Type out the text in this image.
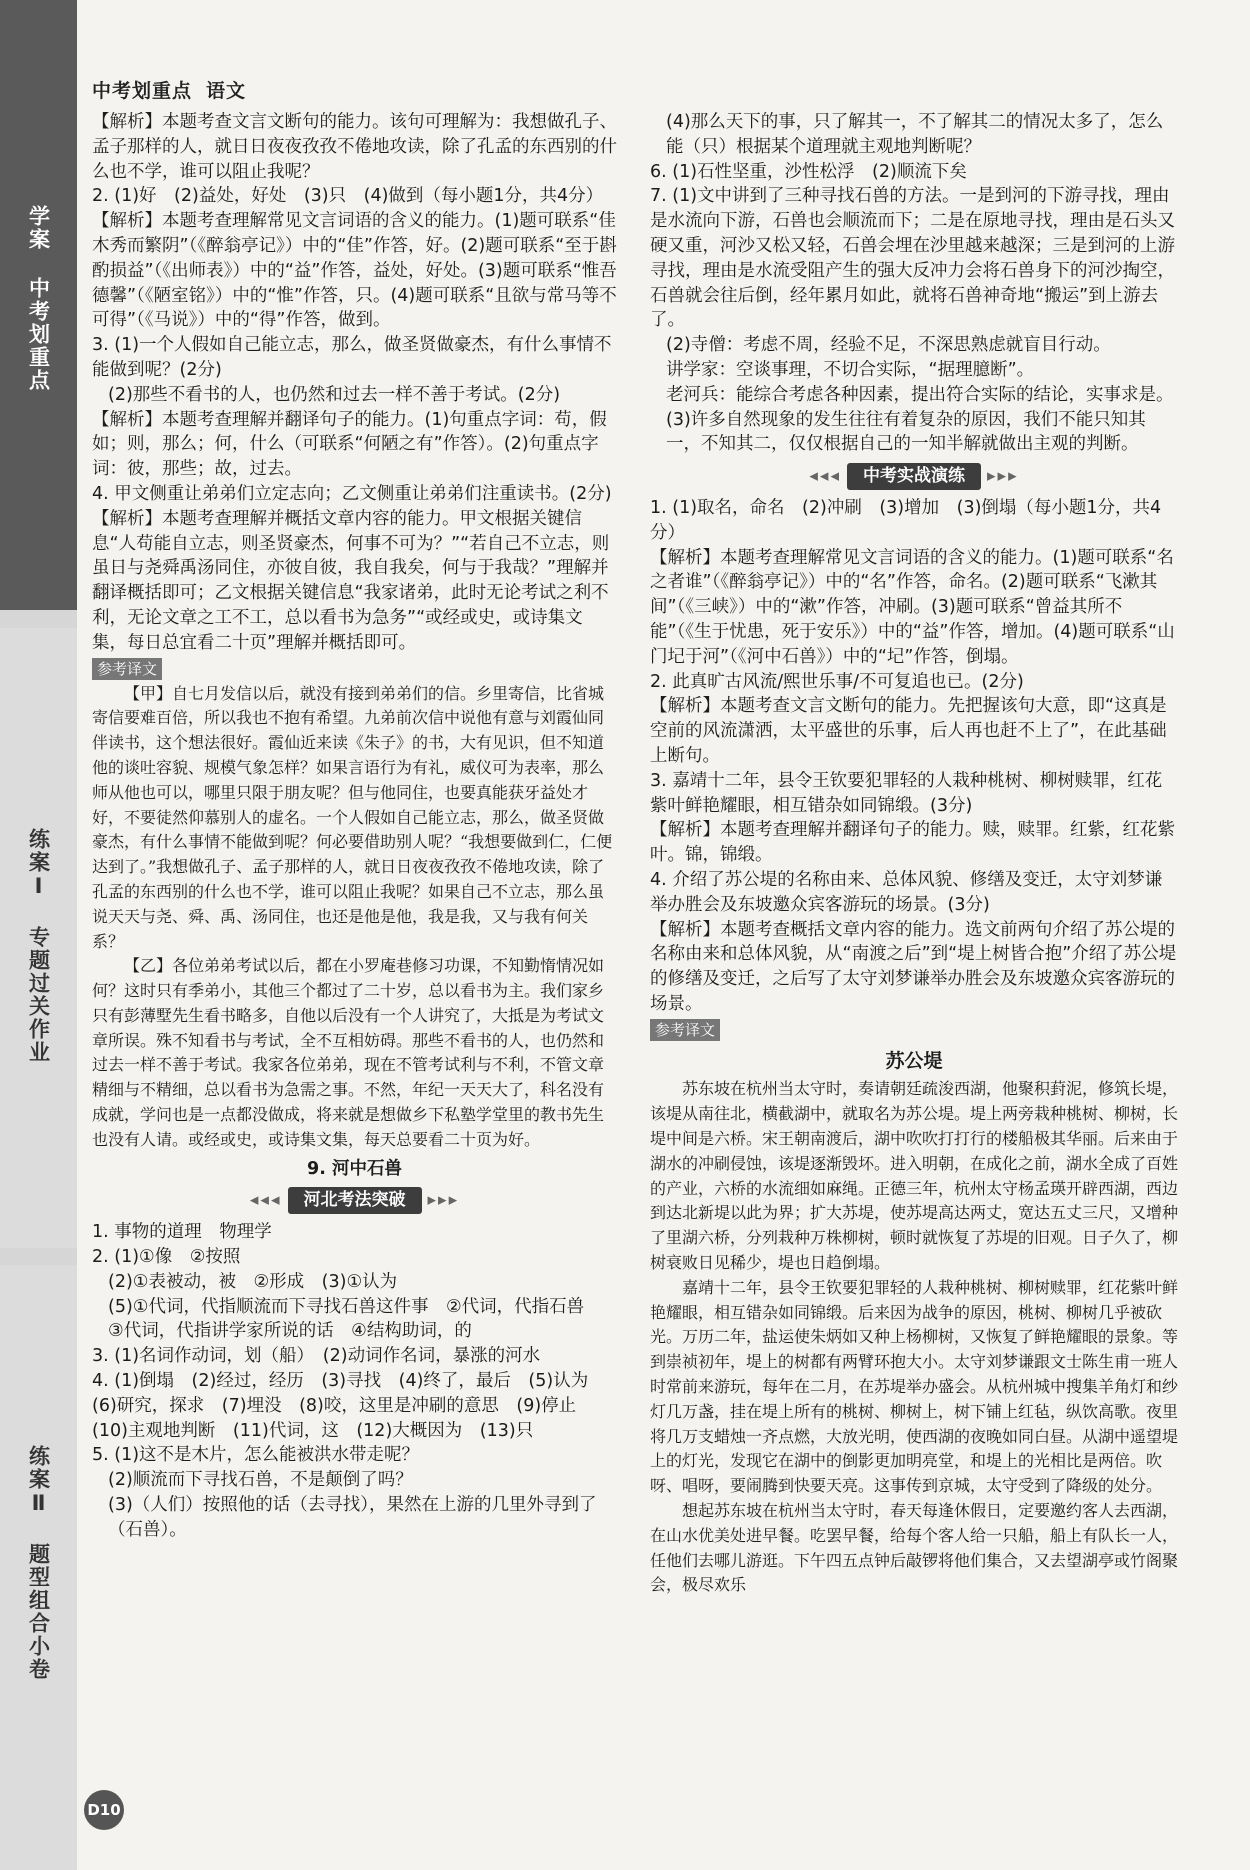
学案 中考划重点
练案Ⅰ 专题过关作业
练案Ⅱ 题型组合小卷
中考划重点 语文

【解析】本题考查文言文断句的能力。该句可理解为：我想做孔子、孟子那样的人，就日日夜夜孜孜不倦地攻读，除了孔孟的东西别的什么也不学，谁可以阻止我呢？

2. (1)好　(2)益处，好处　(3)只　(4)做到（每小题1分，共4分）

【解析】本题考查理解常见文言词语的含义的能力。(1)题可联系“佳木秀而繁阴”（《醉翁亭记》）中的“佳”作答，好。(2)题可联系“至于斟酌损益”（《出师表》）中的“益”作答，益处，好处。(3)题可联系“惟吾德馨”（《陋室铭》）中的“惟”作答，只。(4)题可联系“且欲与常马等不可得”（《马说》）中的“得”作答，做到。

3. (1)一个人假如自己能立志，那么，做圣贤做豪杰，有什么事情不能做到呢？(2分)

(2)那些不看书的人，也仍然和过去一样不善于考试。(2分)

【解析】本题考查理解并翻译句子的能力。(1)句重点字词：苟，假如；则，那么；何，什么（可联系“何陋之有”作答）。(2)句重点字词：彼，那些；故，过去。

4. 甲文侧重让弟弟们立定志向；乙文侧重让弟弟们注重读书。(2分)

【解析】本题考查理解并概括文章内容的能力。甲文根据关键信息“人苟能自立志，则圣贤豪杰，何事不可为？”“若自己不立志，则虽日与尧舜禹汤同住，亦彼自彼，我自我矣，何与于我哉？”理解并翻译概括即可；乙文根据关键信息“我家诸弟，此时无论考试之利不利，无论文章之工不工，总以看书为急务”“或经或史，或诗集文集，每日总宜看二十页”理解并概括即可。

参考译文

【甲】自七月发信以后，就没有接到弟弟们的信。乡里寄信，比省城寄信要难百倍，所以我也不抱有希望。九弟前次信中说他有意与刘霞仙同伴读书，这个想法很好。霞仙近来读《朱子》的书，大有见识，但不知道他的谈吐容貌、规模气象怎样？如果言语行为有礼，威仪可为表率，那么师从他也可以，哪里只限于朋友呢？但与他同住，也要真能获牙益处才好，不要徒然仰慕别人的虚名。一个人假如自己能立志，那么，做圣贤做豪杰，有什么事情不能做到呢？何必要借助别人呢？“我想要做到仁，仁便达到了。”我想做孔子、孟子那样的人，就日日夜夜孜孜不倦地攻读，除了孔孟的东西别的什么也不学，谁可以阻止我呢？如果自己不立志，那么虽说天天与尧、舜、禹、汤同住，也还是他是他，我是我，又与我有何关系？

【乙】各位弟弟考试以后，都在小罗庵巷修习功课，不知勤惰情况如何？这时只有季弟小，其他三个都过了二十岁，总以看书为主。我们家乡只有彭薄墅先生看书略多，自他以后没有一个人讲究了，大抵是为考试文章所误。殊不知看书与考试，全不互相妨碍。那些不看书的人，也仍然和过去一样不善于考试。我家各位弟弟，现在不管考试利与不利，不管文章精细与不精细，总以看书为急需之事。不然，年纪一天天大了，科名没有成就，学问也是一点都没做成，将来就是想做乡下私塾学堂里的教书先生也没有人请。或经或史，或诗集文集，每天总要看二十页为好。

9. 河中石兽
◂◂◂	河北考法突破	▸▸▸

1. 事物的道理　物理学

2. (1)①像　②按照

(2)①表被动，被　②形成　(3)①认为

(5)①代词，代指顺流而下寻找石兽这件事　②代词，代指石兽　③代词，代指讲学家所说的话　④结构助词，的

3. (1)名词作动词，划（船）　(2)动词作名词，暴涨的河水

4. (1)倒塌　(2)经过，经历　(3)寻找　(4)终了，最后　(5)认为　(6)研究，探求　(7)埋没　(8)咬，这里是冲刷的意思　(9)停止　(10)主观地判断　(11)代词，这　(12)大概因为　(13)只

5. (1)这不是木片，怎么能被洪水带走呢？

(2)顺流而下寻找石兽，不是颠倒了吗？

(3)（人们）按照他的话（去寻找），果然在上游的几里外寻到了（石兽）。

(4)那么天下的事，只了解其一，不了解其二的情况太多了，怎么能（只）根据某个道理就主观地判断呢？

6. (1)石性坚重，沙性松浮　(2)顺流下矣

7. (1)文中讲到了三种寻找石兽的方法。一是到河的下游寻找，理由是水流向下游，石兽也会顺流而下；二是在原地寻找，理由是石头又硬又重，河沙又松又轻，石兽会埋在沙里越来越深；三是到河的上游寻找，理由是水流受阻产生的强大反冲力会将石兽身下的河沙掏空，石兽就会往后倒，经年累月如此，就将石兽神奇地“搬运”到上游去了。

(2)寺僧：考虑不周，经验不足，不深思熟虑就盲目行动。

讲学家：空谈事理，不切合实际，“据理臆断”。

老河兵：能综合考虑各种因素，提出符合实际的结论，实事求是。

(3)许多自然现象的发生往往有着复杂的原因，我们不能只知其一，不知其二，仅仅根据自己的一知半解就做出主观的判断。

◂◂◂	中考实战演练	▸▸▸

1. (1)取名，命名　(2)冲刷　(3)增加　(3)倒塌（每小题1分，共4分）

【解析】本题考查理解常见文言词语的含义的能力。(1)题可联系“名之者谁”（《醉翁亭记》）中的“名”作答，命名。(2)题可联系“飞漱其间”（《三峡》）中的“漱”作答，冲刷。(3)题可联系“曾益其所不能”（《生于忧患，死于安乐》）中的“益”作答，增加。(4)题可联系“山门圮于河”（《河中石兽》）中的“圮”作答，倒塌。

2. 此真旷古风流/熙世乐事/不可复追也已。(2分)

【解析】本题考查文言文断句的能力。先把握该句大意，即“这真是空前的风流潇洒，太平盛世的乐事，后人再也赶不上了”，在此基础上断句。

3. 嘉靖十二年，县令王钦要犯罪轻的人栽种桃树、柳树赎罪，红花紫叶鲜艳耀眼，相互错杂如同锦缎。(3分)

【解析】本题考查理解并翻译句子的能力。赎，赎罪。红紫，红花紫叶。锦，锦缎。

4. 介绍了苏公堤的名称由来、总体风貌、修缮及变迁，太守刘梦谦举办胜会及东坡邀众宾客游玩的场景。(3分)

【解析】本题考查概括文章内容的能力。选文前两句介绍了苏公堤的名称由来和总体风貌，从“南渡之后”到“堤上树皆合抱”介绍了苏公堤的修缮及变迁，之后写了太守刘梦谦举办胜会及东坡邀众宾客游玩的场景。

参考译文
苏公堤

苏东坡在杭州当太守时，奏请朝廷疏浚西湖，他聚积葑泥，修筑长堤，该堤从南往北，横截湖中，就取名为苏公堤。堤上两旁栽种桃树、柳树，长堤中间是六桥。宋王朝南渡后，湖中吹吹打打行的楼船极其华丽。后来由于湖水的冲刷侵蚀，该堤逐渐毁坏。进入明朝，在成化之前，湖水全成了百姓的产业，六桥的水流细如麻绳。正德三年，杭州太守杨孟瑛开辟西湖，西边到达北新堤以此为界；扩大苏堤，使苏堤高达两丈，宽达五丈三尺，又增种了里湖六桥，分列栽种万株柳树，顿时就恢复了苏堤的旧观。日子久了，柳树衰败日见稀少，堤也日趋倒塌。

嘉靖十二年，县令王钦要犯罪轻的人栽种桃树、柳树赎罪，红花紫叶鲜艳耀眼，相互错杂如同锦缎。后来因为战争的原因，桃树、柳树几乎被砍光。万历二年，盐运使朱炳如又种上杨柳树，又恢复了鲜艳耀眼的景象。等到崇祯初年，堤上的树都有两臂环抱大小。太守刘梦谦跟文士陈生甫一班人时常前来游玩，每年在二月，在苏堤举办盛会。从杭州城中搜集羊角灯和纱灯几万盏，挂在堤上所有的桃树、柳树上，树下铺上红毡，纵饮高歌。夜里将几万支蜡烛一齐点燃，大放光明，使西湖的夜晚如同白昼。从湖中遥望堤上的灯光，发现它在湖中的倒影更加明亮堂，和堤上的光相比是两倍。吹呀、唱呀，要闹腾到快要天亮。这事传到京城，太守受到了降级的处分。

想起苏东坡在杭州当太守时，春天每逢休假日，定要邀约客人去西湖，在山水优美处进早餐。吃罢早餐，给每个客人给一只船，船上有队长一人，任他们去哪儿游逛。下午四五点钟后敲锣将他们集合，又去望湖亭或竹阁聚会，极尽欢乐

D10
